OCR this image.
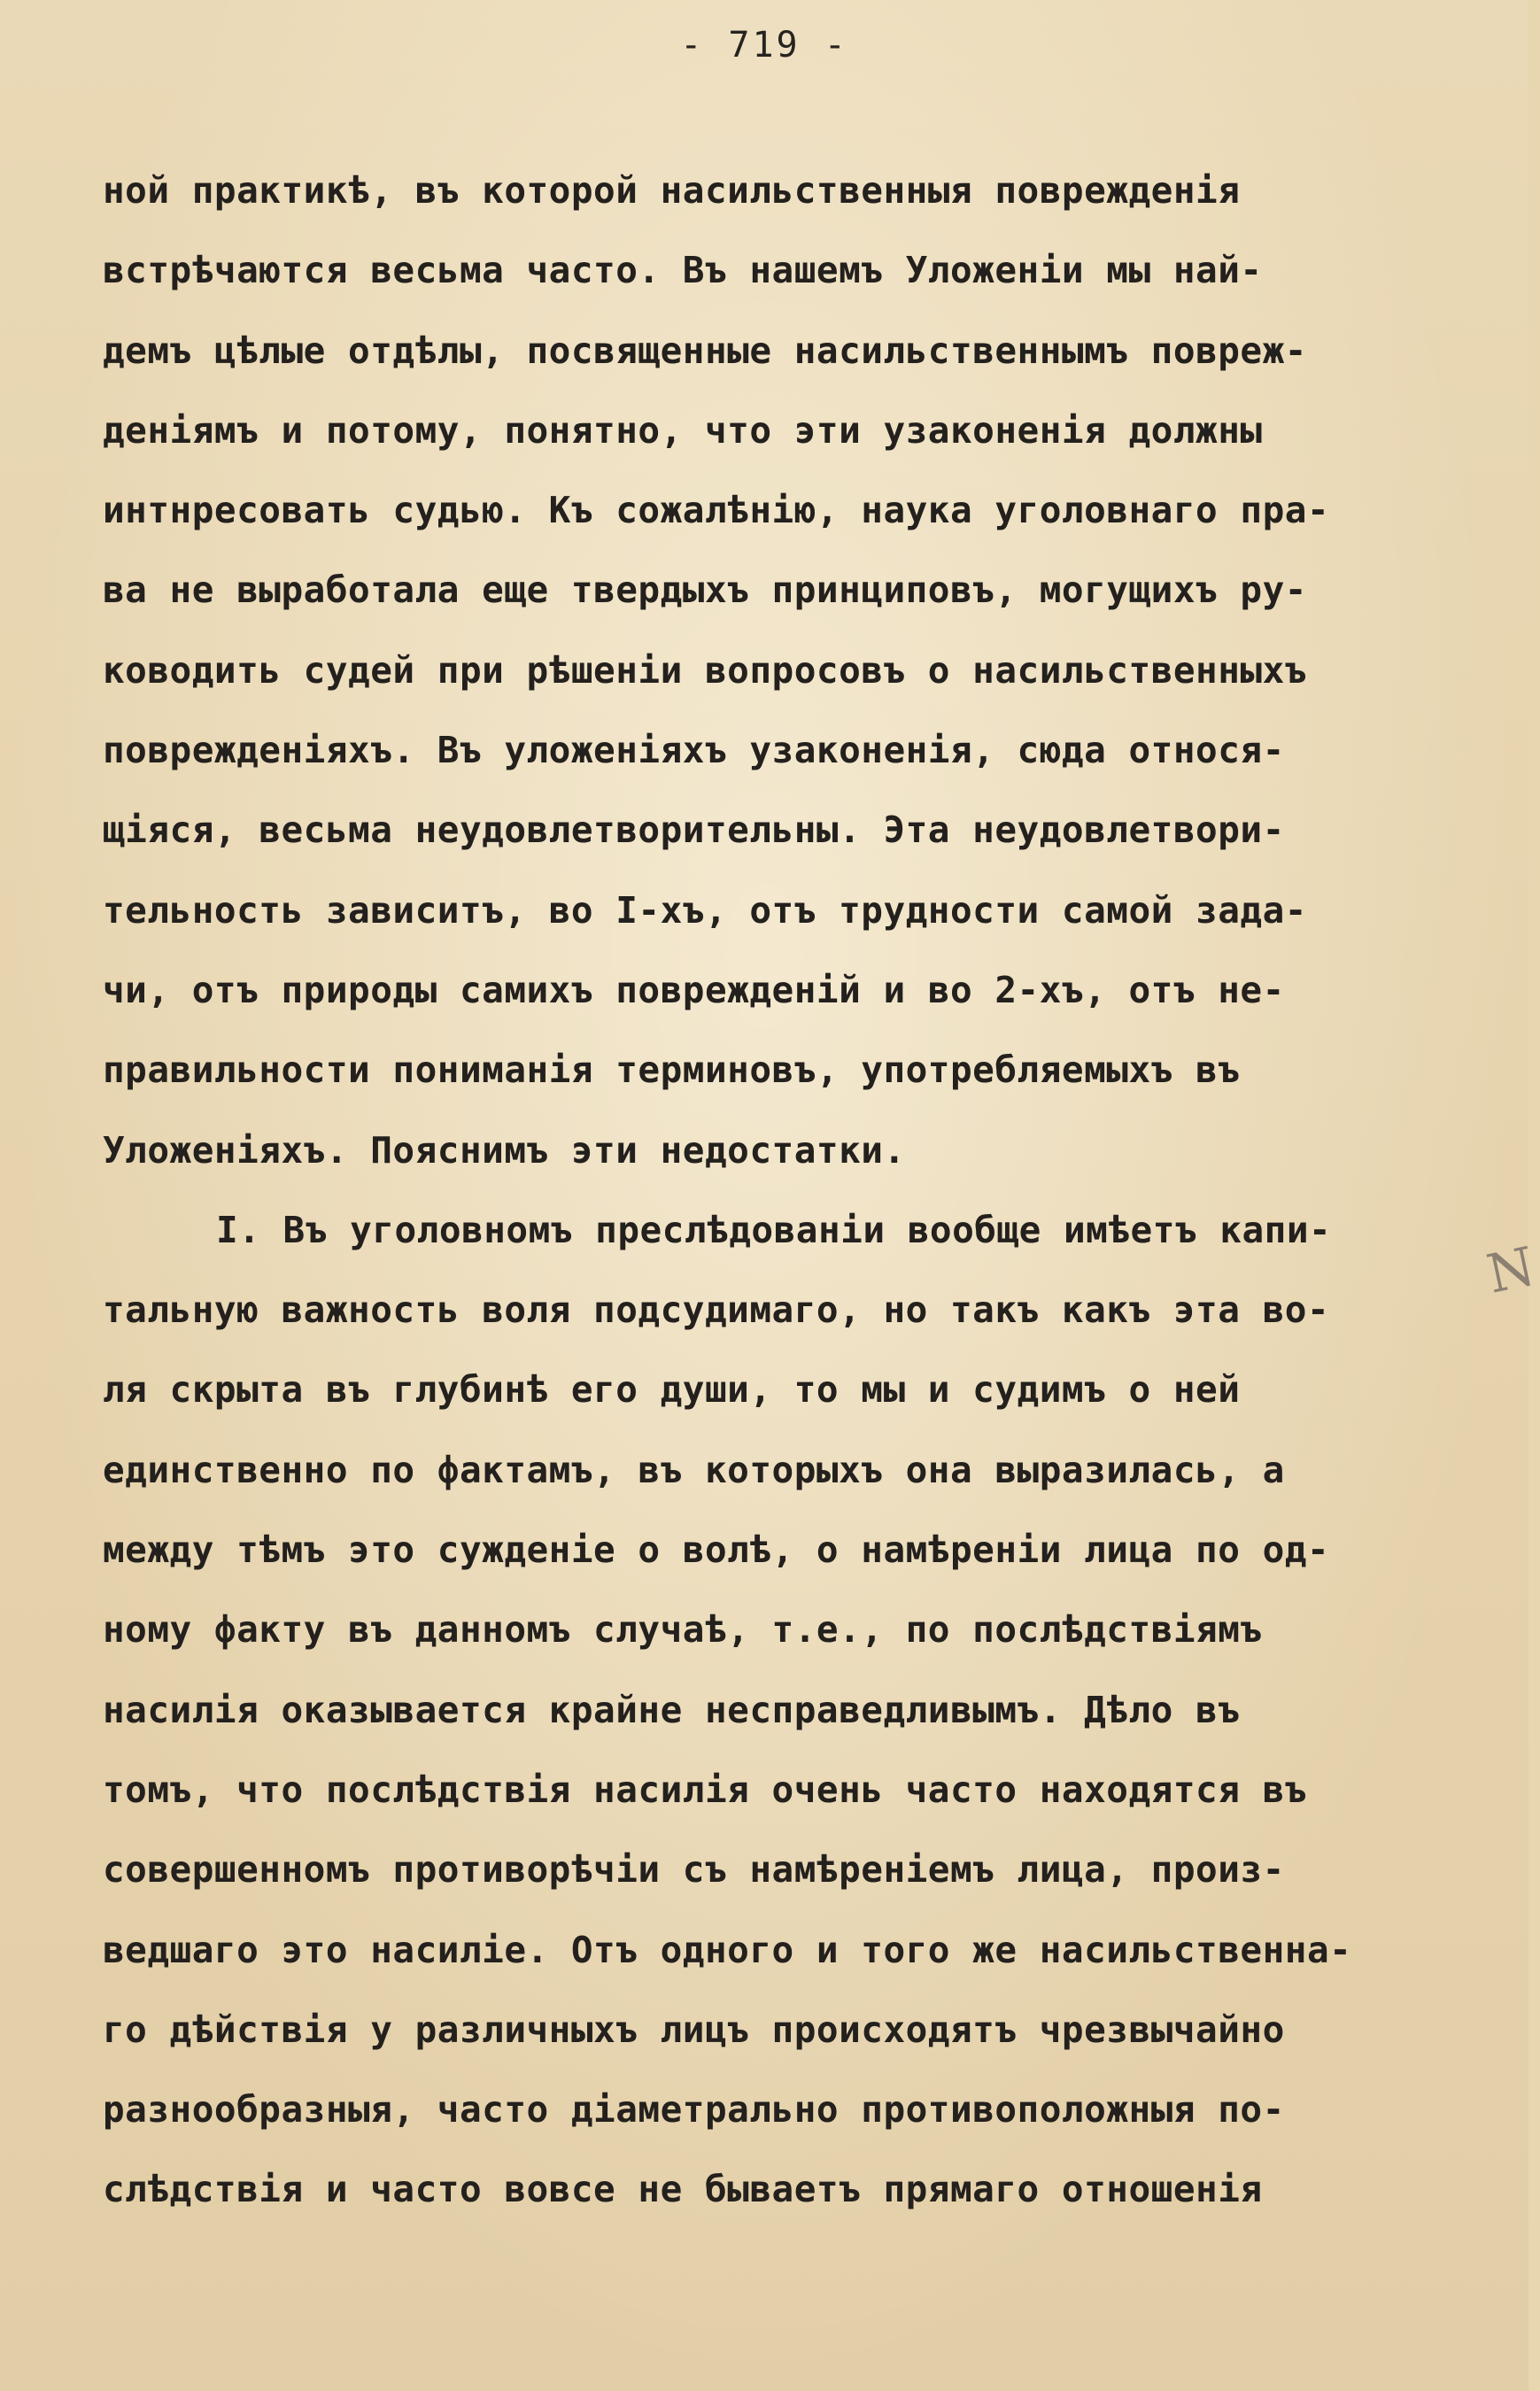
- 719 -
ной практикѣ, въ которой насильственныя поврежденія
встрѣчаются весьма часто. Въ нашемъ Уложеніи мы най-
демъ цѣлые отдѣлы, посвященные насильственнымъ повреж-
деніямъ и потому, понятно, что эти узаконенія должны
интнресовать судью. Къ сожалѣнію, наука уголовнаго пра-
ва не выработала еще твердыхъ принциповъ, могущихъ ру-
ководить судей при рѣшеніи вопросовъ о насильственныхъ
поврежденіяхъ. Въ уложеніяхъ узаконенія, сюда относя-
щіяся, весьма неудовлетворительны. Эта неудовлетвори-
тельность зависитъ, во I-хъ, отъ трудности самой зада-
чи, отъ природы самихъ поврежденій и во 2-хъ, отъ не-
правильности пониманія терминовъ, употребляемыхъ въ
Уложеніяхъ. Пояснимъ эти недостатки.
I. Въ уголовномъ преслѣдованіи вообще имѣетъ капи-
тальную важность воля подсудимаго, но такъ какъ эта во-
ля скрыта въ глубинѣ его души, то мы и судимъ о ней
единственно по фактамъ, въ которыхъ она выразилась, а
между тѣмъ это сужденіе о волѣ, о намѣреніи лица по од-
ному факту въ данномъ случаѣ, т.е., по послѣдствіямъ
насилія оказывается крайне несправедливымъ. Дѣло въ
томъ, что послѣдствія насилія очень часто находятся въ
совершенномъ противорѣчіи съ намѣреніемъ лица, произ-
ведшаго это насиліе. Отъ одного и того же насильственна-
го дѣйствія у различныхъ лицъ происходятъ чрезвычайно
разнообразныя, часто діаметрально противоположныя по-
слѣдствія и часто вовсе не бываетъ прямаго отношенія
N
